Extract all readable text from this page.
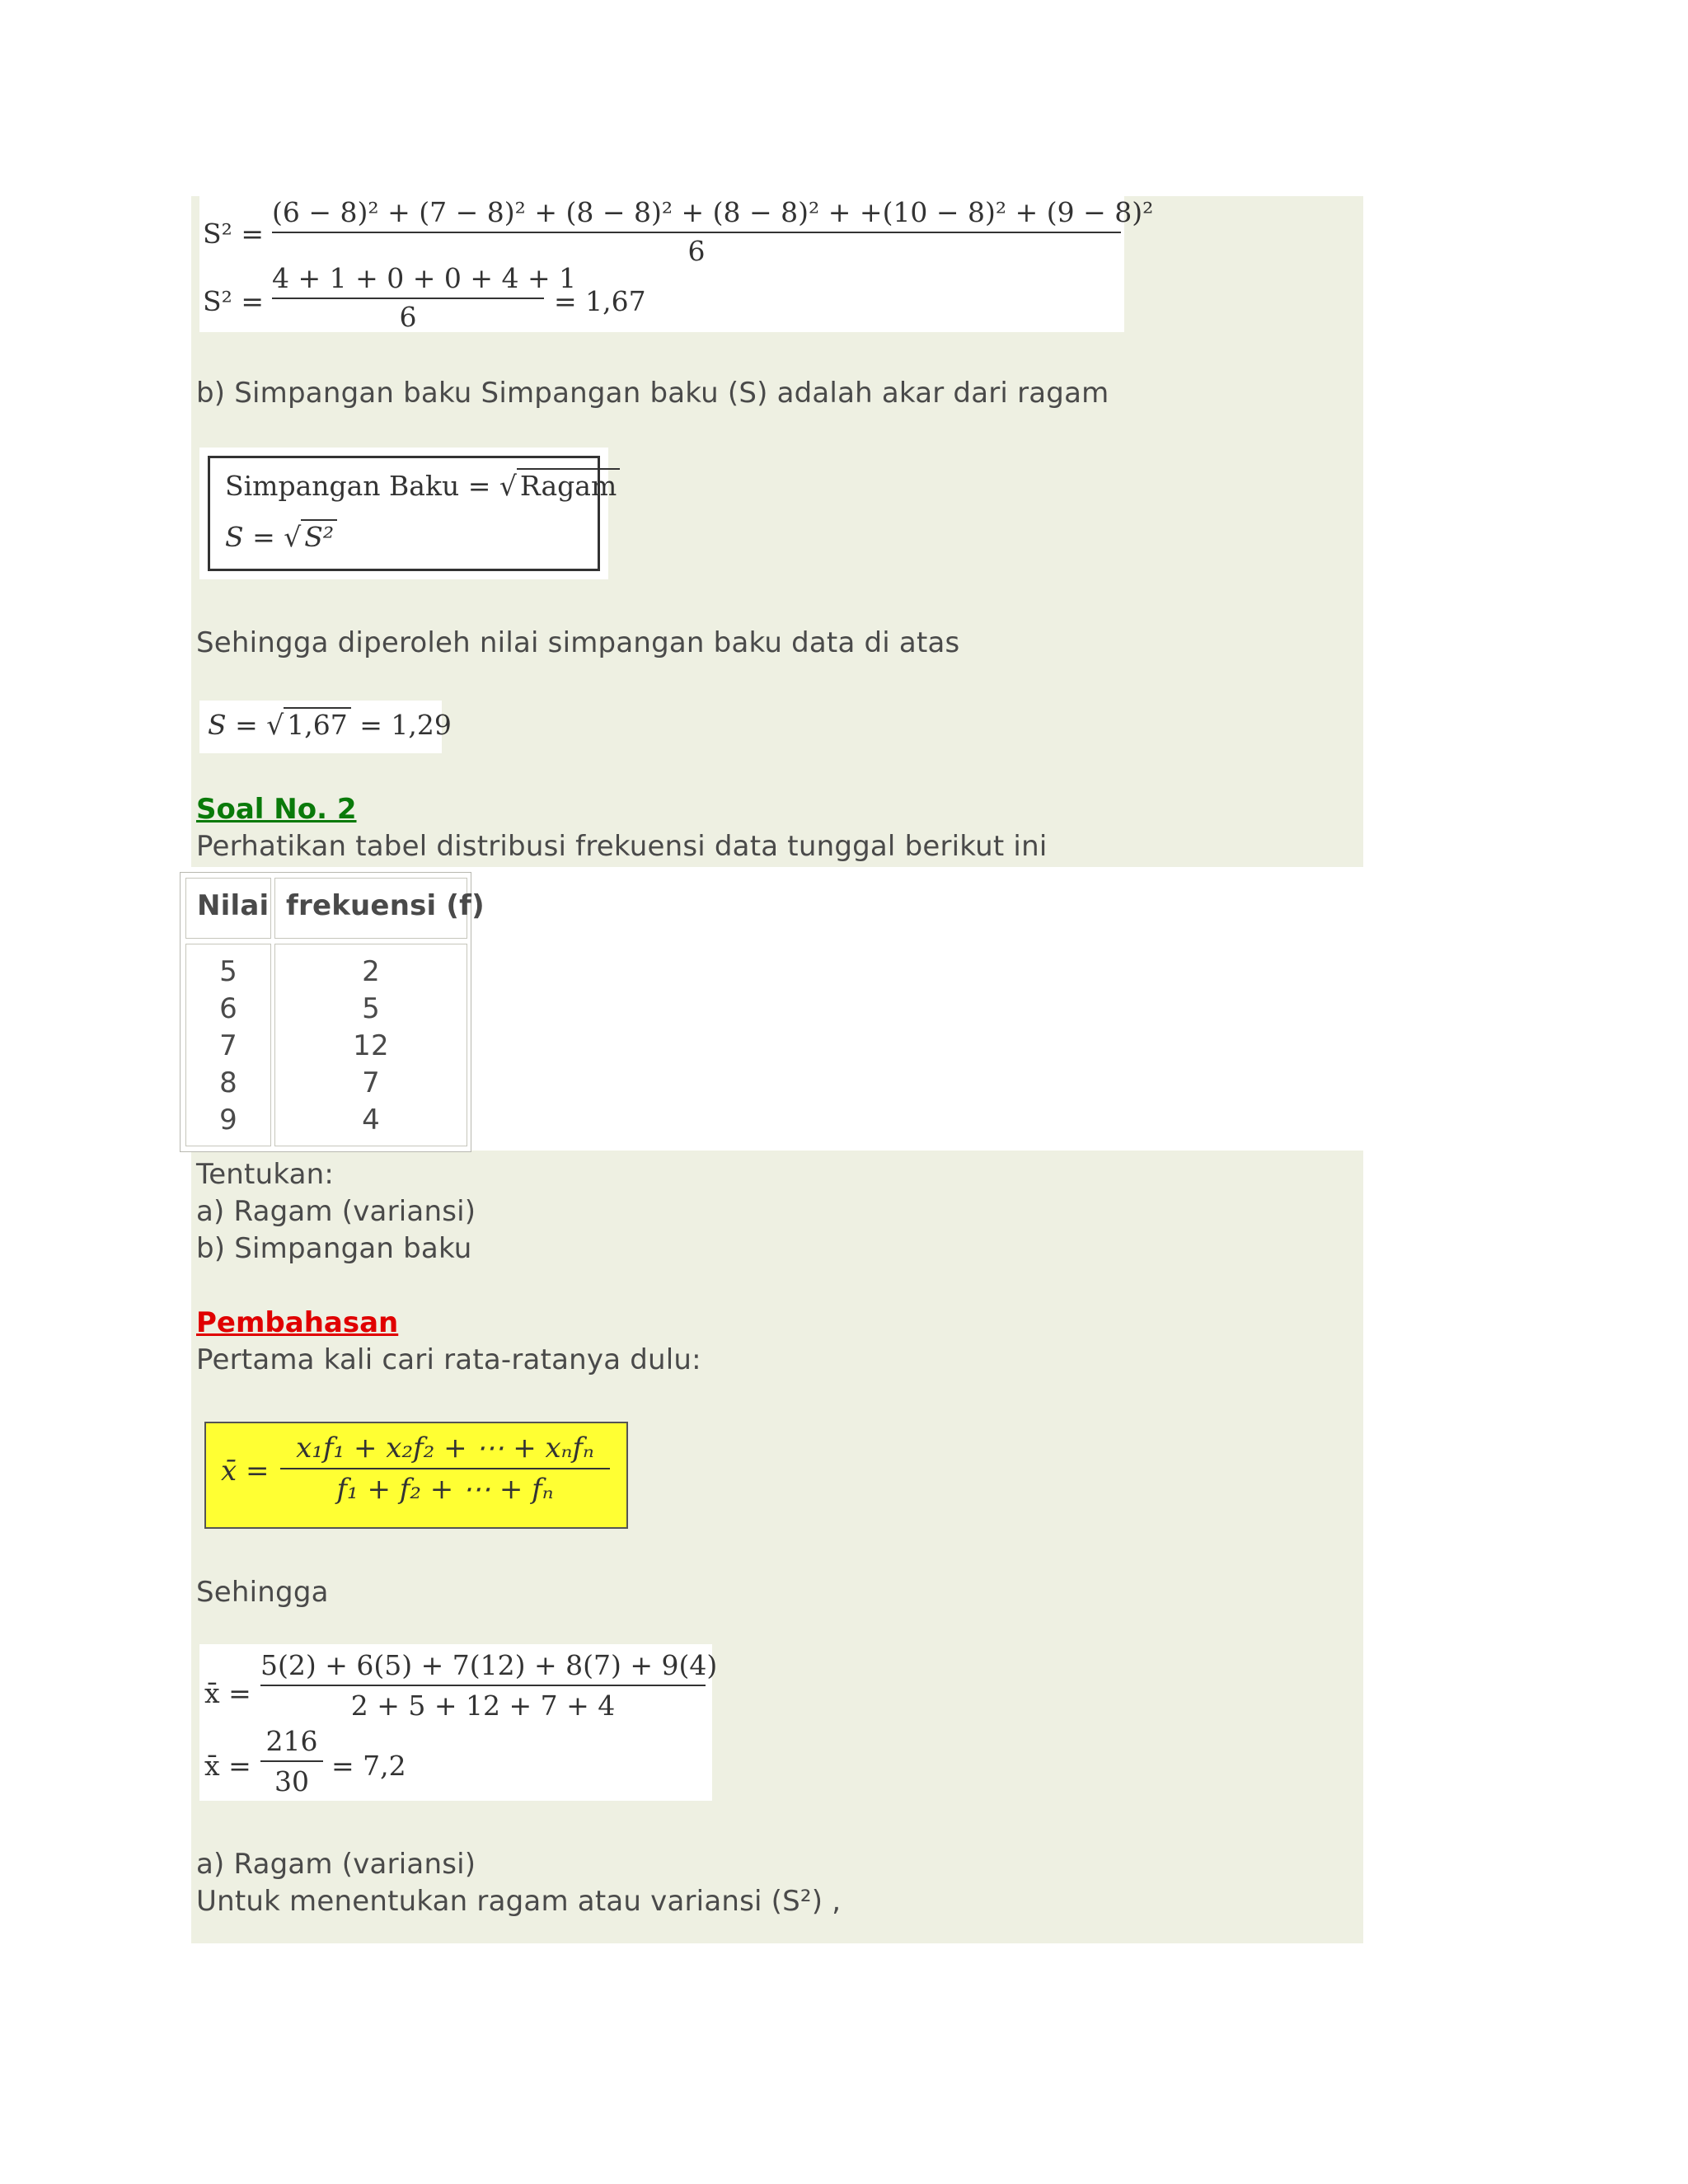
S² =
(6 − 8)² + (7 − 8)² + (8 − 8)² + (8 − 8)² + +(10 − 8)² + (9 − 8)²
6
$S^2 = \frac{4 + 1 + 0 + 0 + 4 + 1}{6} = 1,67$
b) Simpangan baku Simpangan baku (S) adalah akar dari ragam
Simpangan Baku = √ Ragam
S = √ S²
Sehingga diperoleh nilai simpangan baku data di atas
S = √ 1,67 = 1,29
Soal No. 2
Perhatikan tabel distribusi frekuensi data tunggal berikut ini
Nilai frekuensi (f)
5
6
7
8
9
2
5
12
7
4
Tentukan:
a) Ragam (variansi)
b) Simpangan baku
Pembahasan
Pertama kali cari rata-ratanya dulu:
x̄ =
x₁f₁ + x₂f₂ + ⋯ + xₙfₙ
f₁ + f₂ + ⋯ + fₙ
Sehingga
x̄ = $\frac{5(2) + 6(5) + 7(12) + 8(7) + 9(4)}{2 + 5 + 12 + 7 + 4}$
x̄ =
216
30 = 7,2
a) Ragam (variansi)
Untuk menentukan ragam atau variansi (S²) ,
